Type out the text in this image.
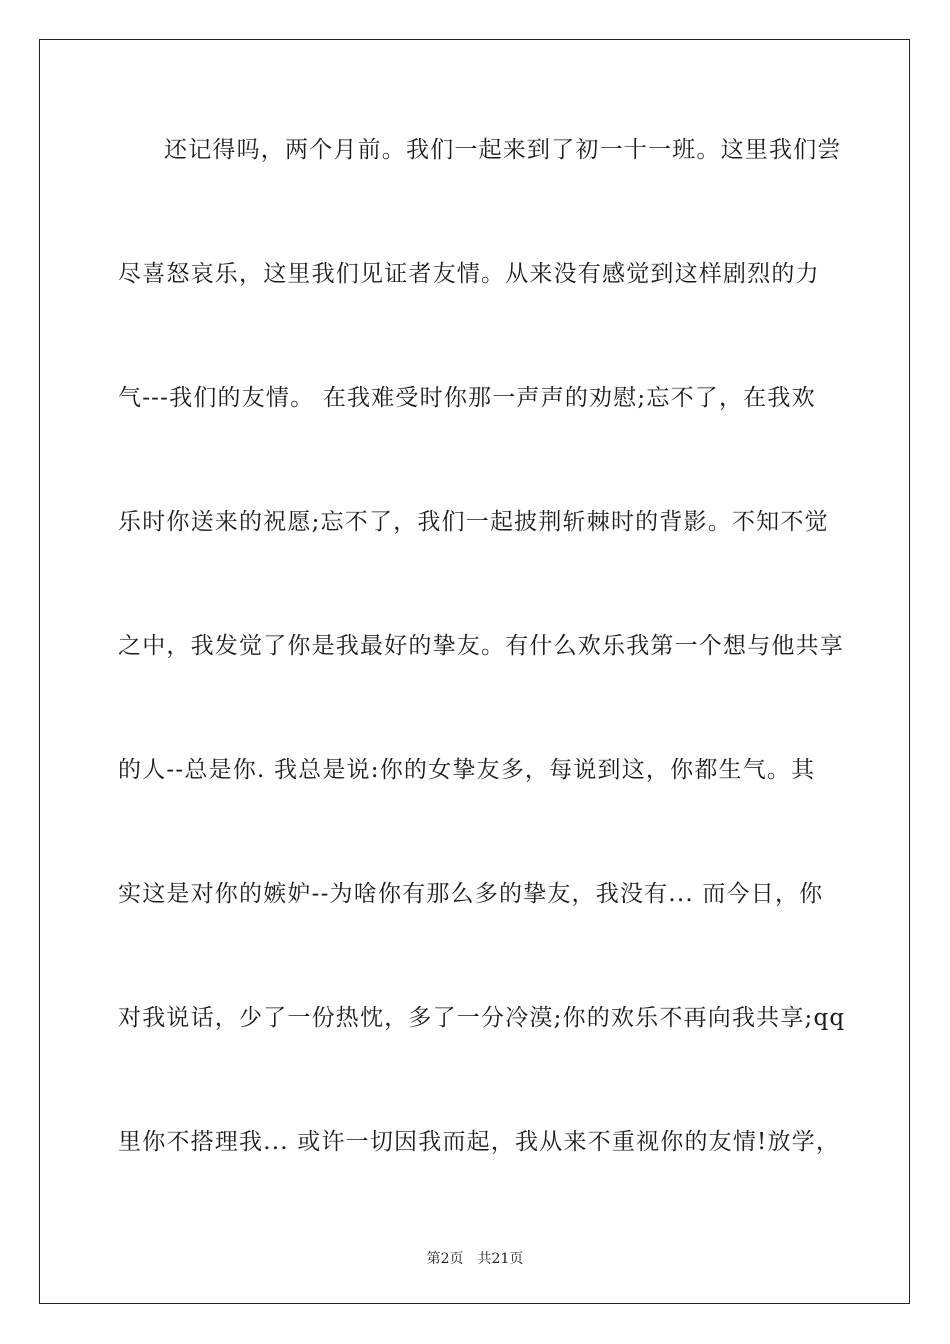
还记得吗，两个月前。我们一起来到了初一十一班。这里我们尝
尽喜怒哀乐，这里我们见证者友情。从来没有感觉到这样剧烈的力
气---我们的友情。 在我难受时你那一声声的劝慰;忘不了，在我欢
乐时你送来的祝愿;忘不了，我们一起披荆斩棘时的背影。不知不觉
之中，我发觉了你是我最好的挚友。有什么欢乐我第一个想与他共享
的人--总是你. 我总是说:你的女挚友多，每说到这，你都生气。其
实这是对你的嫉妒--为啥你有那么多的挚友，我没有... 而今日，你
对我说话，少了一份热忱，多了一分冷漠;你的欢乐不再向我共享;qq
里你不搭理我... 或许一切因我而起，我从来不重视你的友情!放学，
第2页 共21页
